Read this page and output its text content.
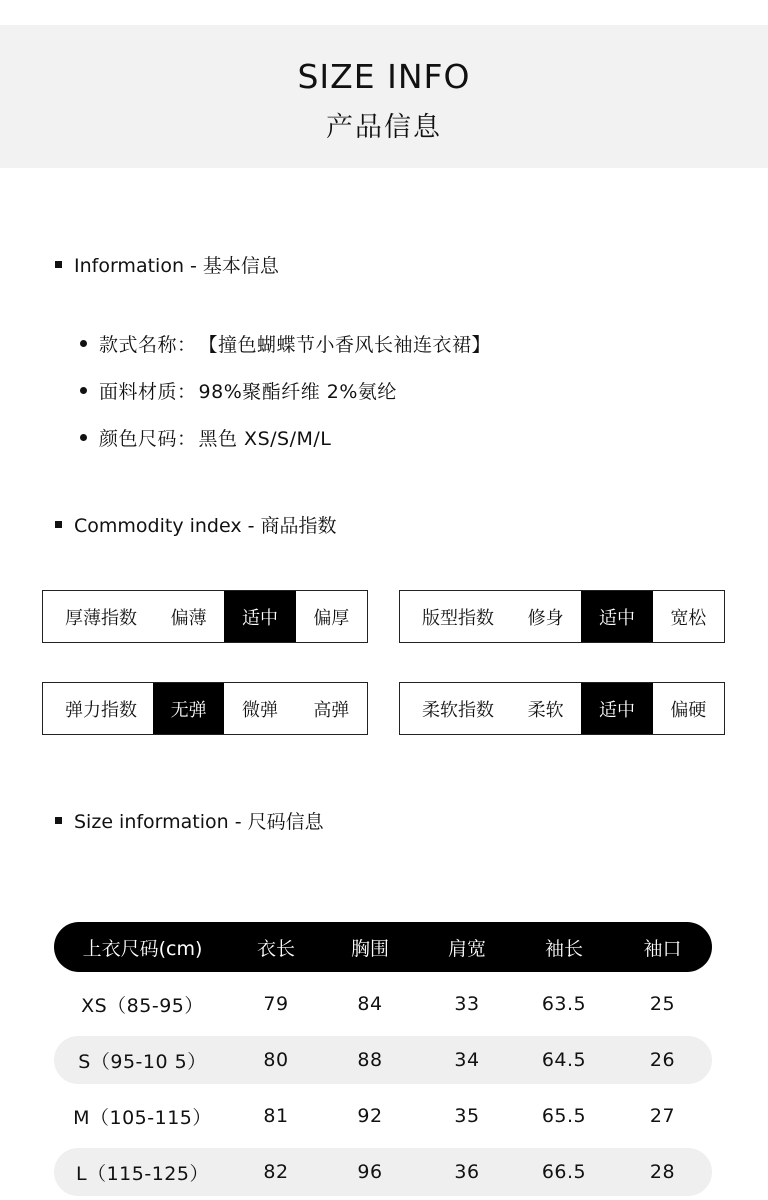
SIZE INFO
产品信息
Information - 基本信息
款式名称： 【撞色蝴蝶节小香风长袖连衣裙】
面料材质： 98%聚酯纤维 2%氨纶
颜色尺码： 黑色 XS/S/M/L
Commodity index - 商品指数
厚薄指数	偏薄	适中	偏厚	版型指数	修身	适中	宽松
弹力指数	无弹	微弹	高弹	柔软指数	柔软	适中	偏硬
Size information - 尺码信息
上衣尺码(cm)	衣长	胸围	肩宽	袖长	袖口
XS（85-95）	79	84	33	63.5	25
S（95-10 5）	80	88	34	64.5	26
M（105-115）	81	92	35	65.5	27
L（115-125）	82	96	36	66.5	28
